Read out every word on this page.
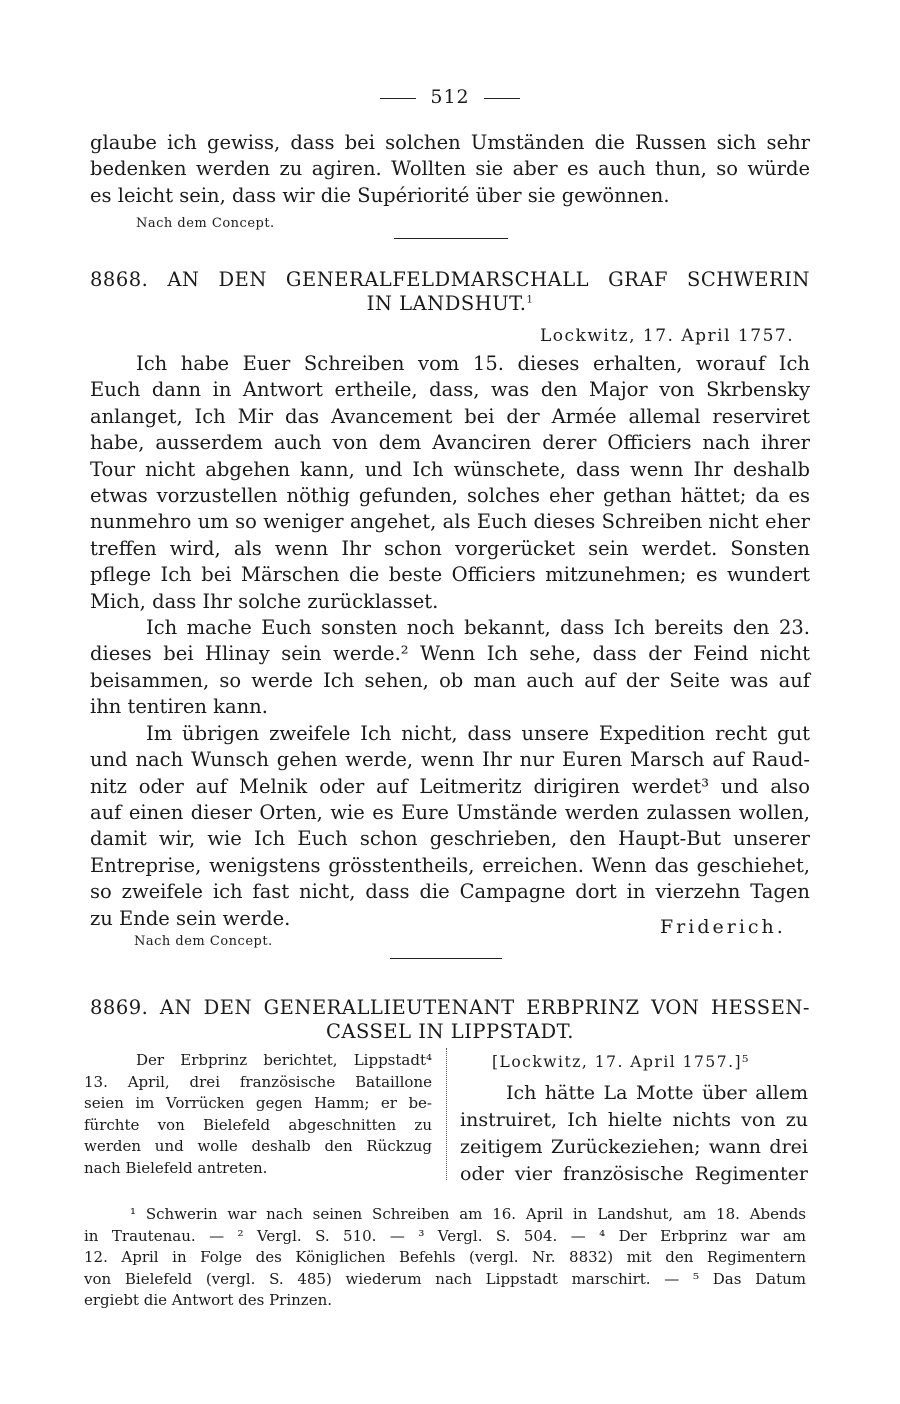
512
glaube ich gewiss, dass bei solchen Umständen die Russen sich sehr
bedenken werden zu agiren. Wollten sie aber es auch thun, so würde
es leicht sein, dass wir die Supériorité über sie gewönnen.
Nach dem Concept.
8868. AN DEN GENERALFELDMARSCHALL GRAF SCHWERIN
IN LANDSHUT.$^1$
Lockwitz, 17. April 1757.
Ich habe Euer Schreiben vom 15. dieses erhalten, worauf Ich
Euch dann in Antwort ertheile, dass, was den Major von Skrbensky
anlanget, Ich Mir das Avancement bei der Armée allemal reserviret
habe, ausserdem auch von dem Avanciren derer Officiers nach ihrer
Tour nicht abgehen kann, und Ich wünschete, dass wenn Ihr deshalb
etwas vorzustellen nöthig gefunden, solches eher gethan hättet; da es
nunmehro um so weniger angehet, als Euch dieses Schreiben nicht eher
treffen wird, als wenn Ihr schon vorgerücket sein werdet. Sonsten
pflege Ich bei Märschen die beste Officiers mitzunehmen; es wundert
Mich, dass Ihr solche zurücklasset.
Ich mache Euch sonsten noch bekannt, dass Ich bereits den 23.
dieses bei Hlinay sein werde.² Wenn Ich sehe, dass der Feind nicht
beisammen, so werde Ich sehen, ob man auch auf der Seite was auf
ihn tentiren kann.
Im übrigen zweifele Ich nicht, dass unsere Expedition recht gut
und nach Wunsch gehen werde, wenn Ihr nur Euren Marsch auf Raud-
nitz oder auf Melnik oder auf Leitmeritz dirigiren werdet³ und also
auf einen dieser Orten, wie es Eure Umstände werden zulassen wollen,
damit wir, wie Ich Euch schon geschrieben, den Haupt-But unserer
Entreprise, wenigstens grösstentheils, erreichen. Wenn das geschiehet,
so zweifele ich fast nicht, dass die Campagne dort in vierzehn Tagen
zu Ende sein werde.	Friderich.
Nach dem Concept.
8869. AN DEN GENERALLIEUTENANT ERBPRINZ VON HESSEN-
CASSEL IN LIPPSTADT.
Der Erbprinz berichtet, Lippstadt⁴
13. April, drei französische Bataillone
seien im Vorrücken gegen Hamm; er be-
fürchte von Bielefeld abgeschnitten zu
werden und wolle deshalb den Rückzug
nach Bielefeld antreten.
[Lockwitz, 17. April 1757.]⁵
Ich hätte La Motte über allem
instruiret, Ich hielte nichts von zu
zeitigem Zurückeziehen; wann drei
oder vier französische Regimenter
¹ Schwerin war nach seinen Schreiben am 16. April in Landshut, am 18. Abends
in Trautenau. — ² Vergl. S. 510. — ³ Vergl. S. 504. — ⁴ Der Erbprinz war am
12. April in Folge des Königlichen Befehls (vergl. Nr. 8832) mit den Regimentern
von Bielefeld (vergl. S. 485) wiederum nach Lippstadt marschirt. — ⁵ Das Datum
ergiebt die Antwort des Prinzen.
